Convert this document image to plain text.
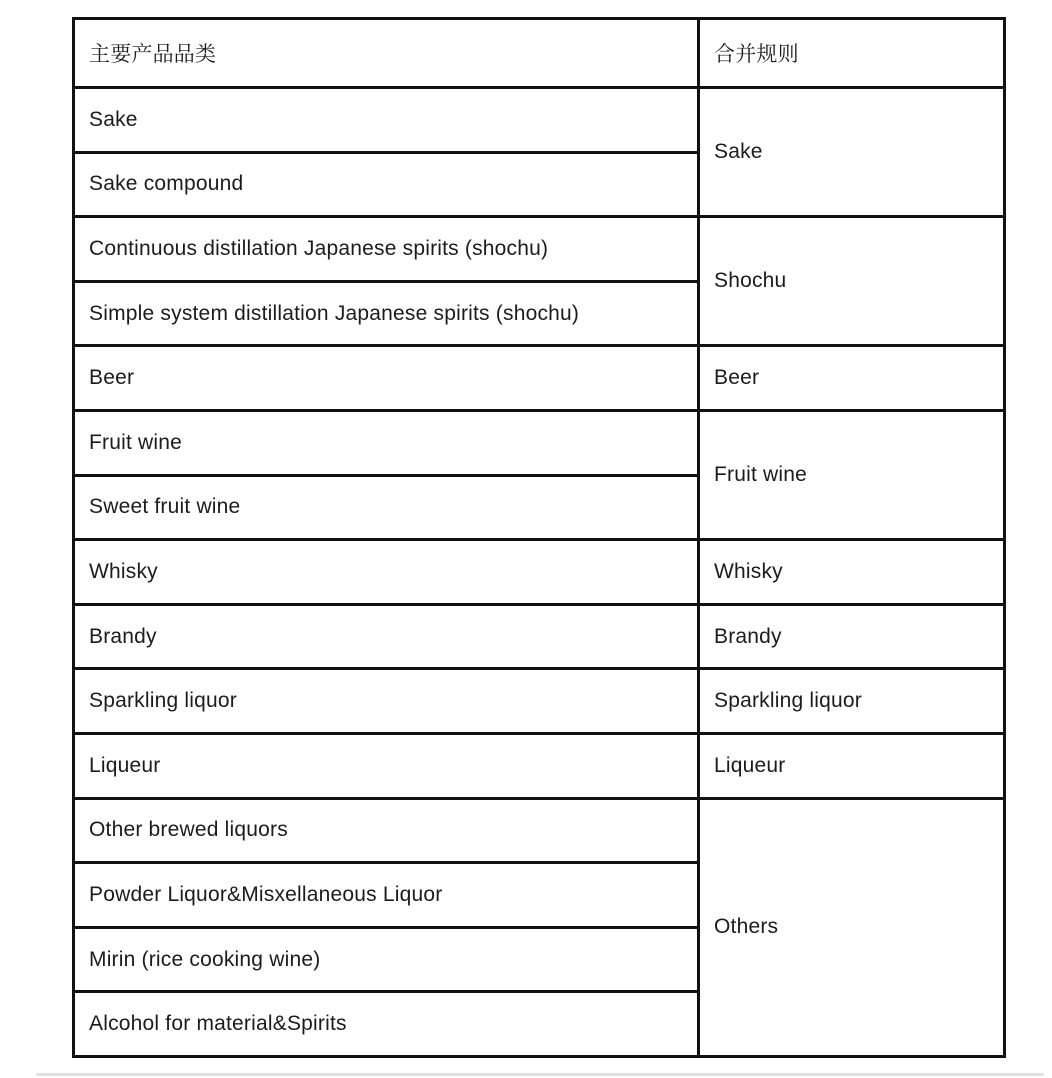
主要产品品类	合并规则
Sake	Sake
Sake compound	
Continuous distillation Japanese spirits (shochu)	Shochu
Simple system distillation Japanese spirits (shochu)	
Beer	Beer
Fruit wine	Fruit wine
Sweet fruit wine	
Whisky	Whisky
Brandy	Brandy
Sparkling liquor	Sparkling liquor
Liqueur	Liqueur
Other brewed liquors	Others
Powder Liquor&Misxellaneous Liquor	
Mirin (rice cooking wine)	
Alcohol for material&Spirits	
